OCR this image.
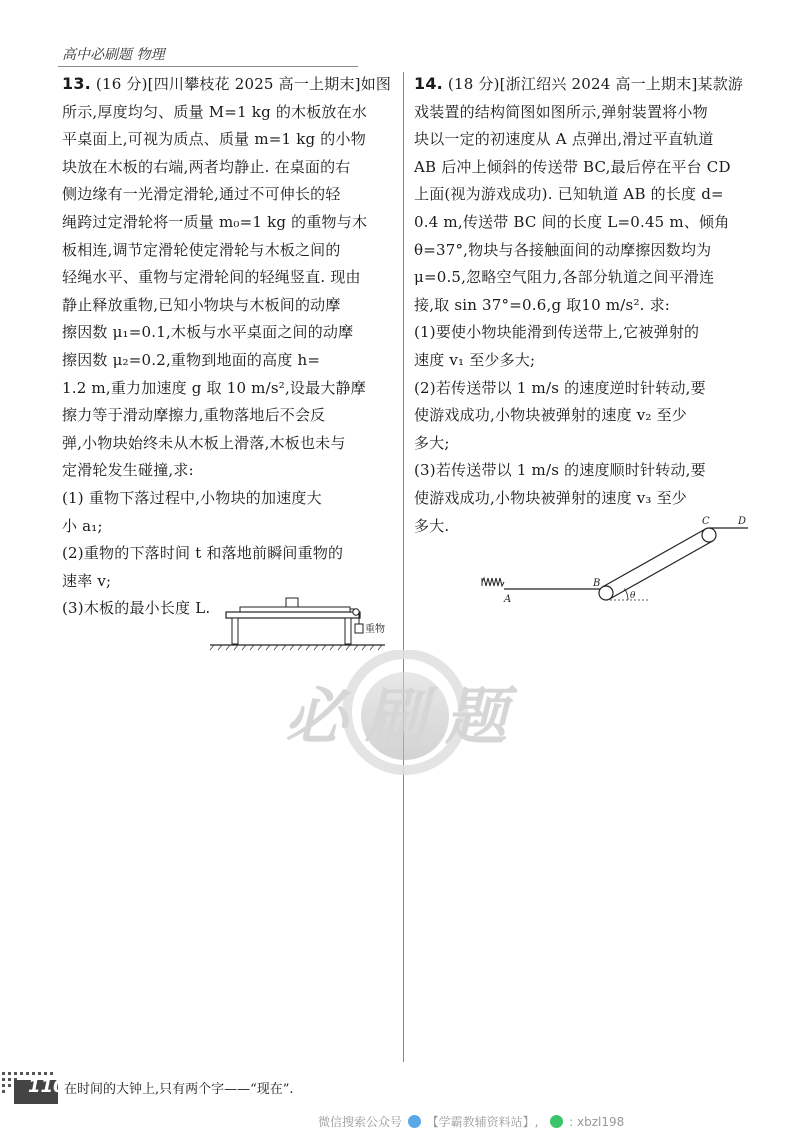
高中必刷题 物理
13. (16 分)[四川攀枝花 2025 高一上期末]如图
所示,厚度均匀、质量 M=1 kg 的木板放在水
平桌面上,可视为质点、质量 m=1 kg 的小物
块放在木板的右端,两者均静止. 在桌面的右
侧边缘有一光滑定滑轮,通过不可伸长的轻
绳跨过定滑轮将一质量 m₀=1 kg 的重物与木
板相连,调节定滑轮使定滑轮与木板之间的
轻绳水平、重物与定滑轮间的轻绳竖直. 现由
静止释放重物,已知小物块与木板间的动摩
擦因数 μ₁=0.1,木板与水平桌面之间的动摩
擦因数 μ₂=0.2,重物到地面的高度 h=
1.2 m,重力加速度 g 取 10 m/s²,设最大静摩
擦力等于滑动摩擦力,重物落地后不会反
弹,小物块始终未从木板上滑落,木板也未与
定滑轮发生碰撞,求:
(1) 重物下落过程中,小物块的加速度大
小 a₁;
(2)重物的下落时间 t 和落地前瞬间重物的
速率 v;
(3)木板的最小长度 L.
重物
14. (18 分)[浙江绍兴 2024 高一上期末]某款游
戏装置的结构简图如图所示,弹射装置将小物
块以一定的初速度从 A 点弹出,滑过平直轨道
AB 后冲上倾斜的传送带 BC,最后停在平台 CD
上面(视为游戏成功). 已知轨道 AB 的长度 d=
0.4 m,传送带 BC 间的长度 L=0.45 m、倾角
θ=37°,物块与各接触面间的动摩擦因数均为
μ=0.5,忽略空气阻力,各部分轨道之间平滑连
接,取 sin 37°=0.6,g 取10 m/s². 求:
(1)要使小物块能滑到传送带上,它被弹射的
速度 v₁ 至少多大;
(2)若传送带以 1 m/s 的速度逆时针转动,要
使游戏成功,小物块被弹射的速度 v₂ 至少
多大;
(3)若传送带以 1 m/s 的速度顺时针转动,要
使游戏成功,小物块被弹射的速度 v₃ 至少
多大.
A
B
θ
C	D
必刷题
110
在时间的大钟上,只有两个字——“现在”.
微信搜索公众号 【学霸教辅资料站】,	: xbzl198
